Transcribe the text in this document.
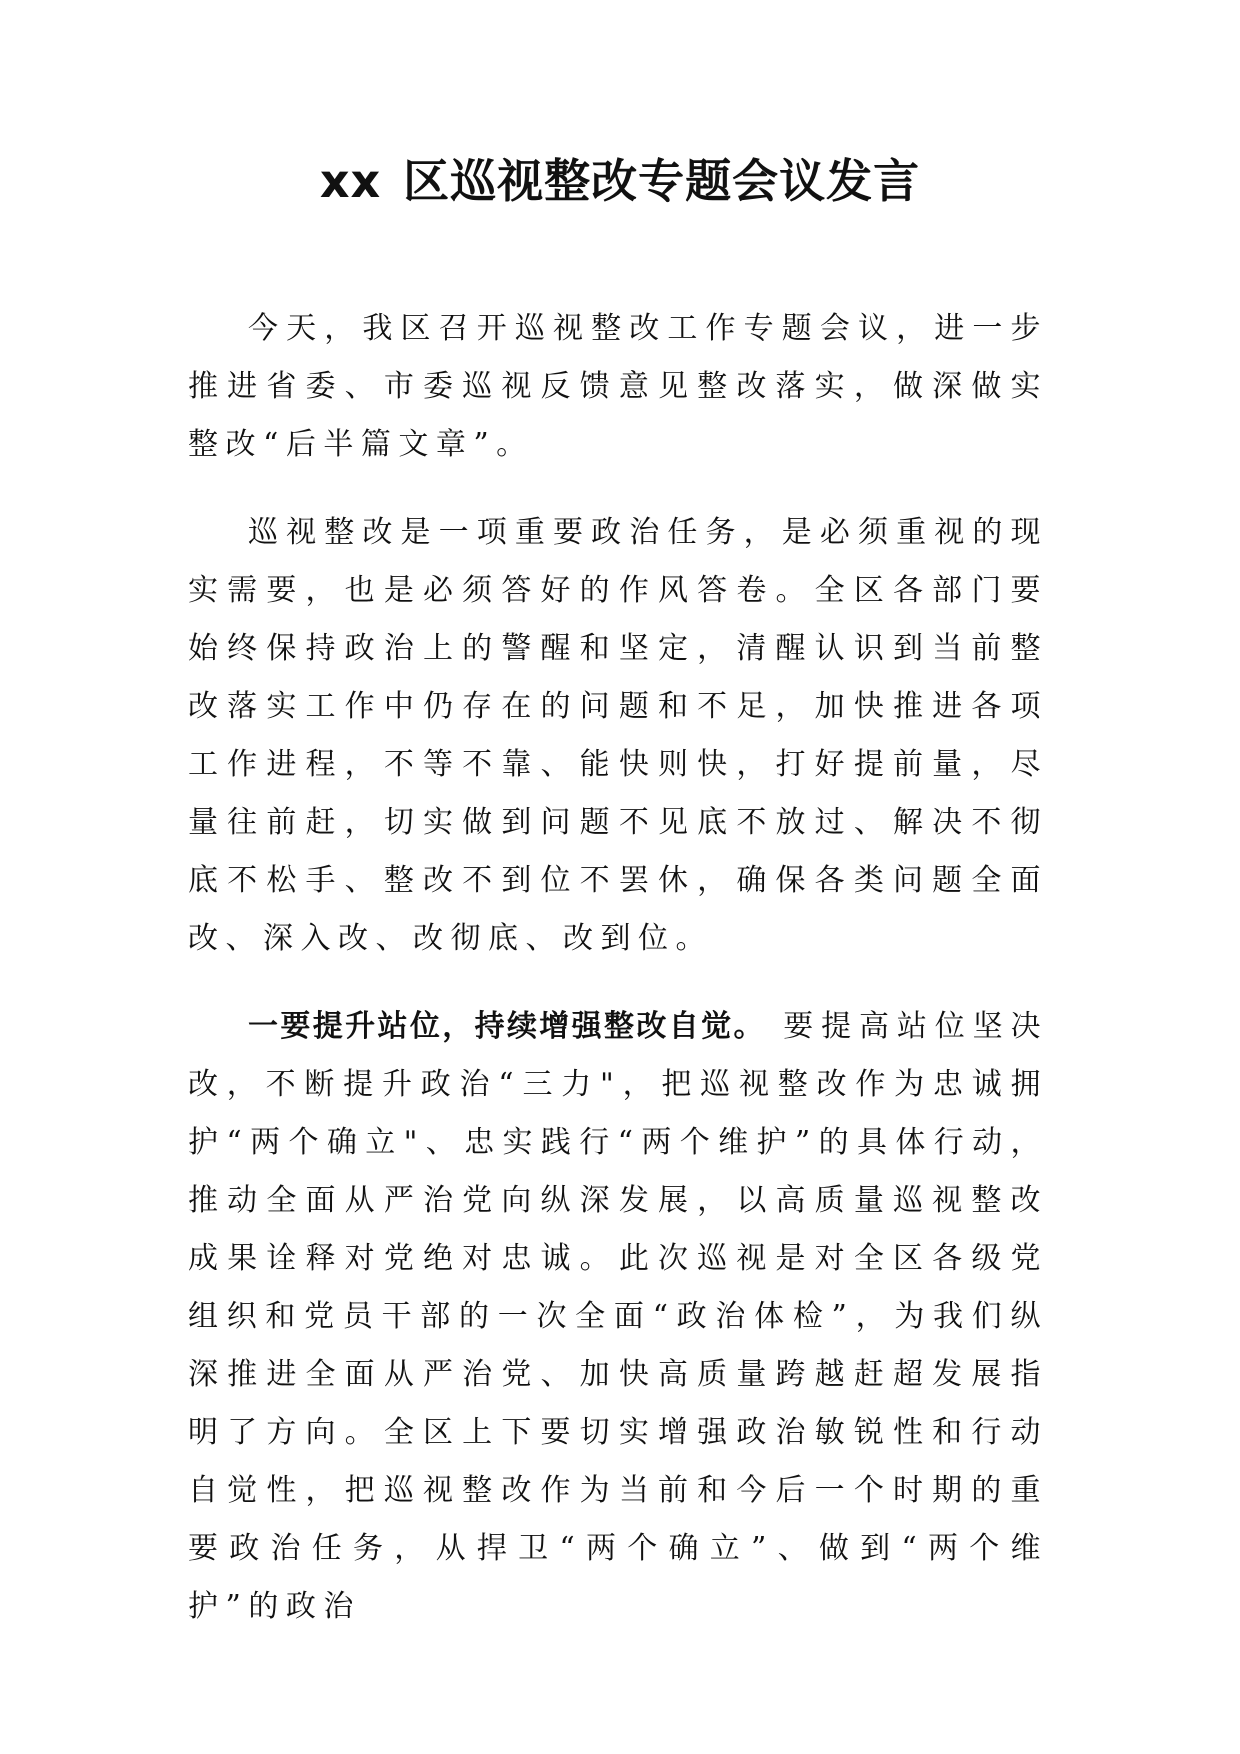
xx 区巡视整改专题会议发言

今天，我区召开巡视整改工作专题会议，进一步推进省委、市委巡视反馈意见整改落实，做深做实整改“后半篇文章”。

巡视整改是一项重要政治任务，是必须重视的现实需要，也是必须答好的作风答卷。全区各部门要始终保持政治上的警醒和坚定，清醒认识到当前整改落实工作中仍存在的问题和不足，加快推进各项工作进程，不等不靠、能快则快，打好提前量，尽量往前赶，切实做到问题不见底不放过、解决不彻底不松手、整改不到位不罢休，确保各类问题全面改、深入改、改彻底、改到位。

一要提升站位，持续增强整改自觉。 要提高站位坚决改，不断提升政治“三力"，把巡视整改作为忠诚拥护“两个确立"、忠实践行“两个维护”的具体行动，推动全面从严治党向纵深发展，以高质量巡视整改成果诠释对党绝对忠诚。此次巡视是对全区各级党组织和党员干部的一次全面“政治体检”，为我们纵深推进全面从严治党、加快高质量跨越赶超发展指明了方向。全区上下要切实增强政治敏锐性和行动自觉性，把巡视整改作为当前和今后一个时期的重要政治任务，从捍卫“两个确立”、做到“两个维护”的政治
